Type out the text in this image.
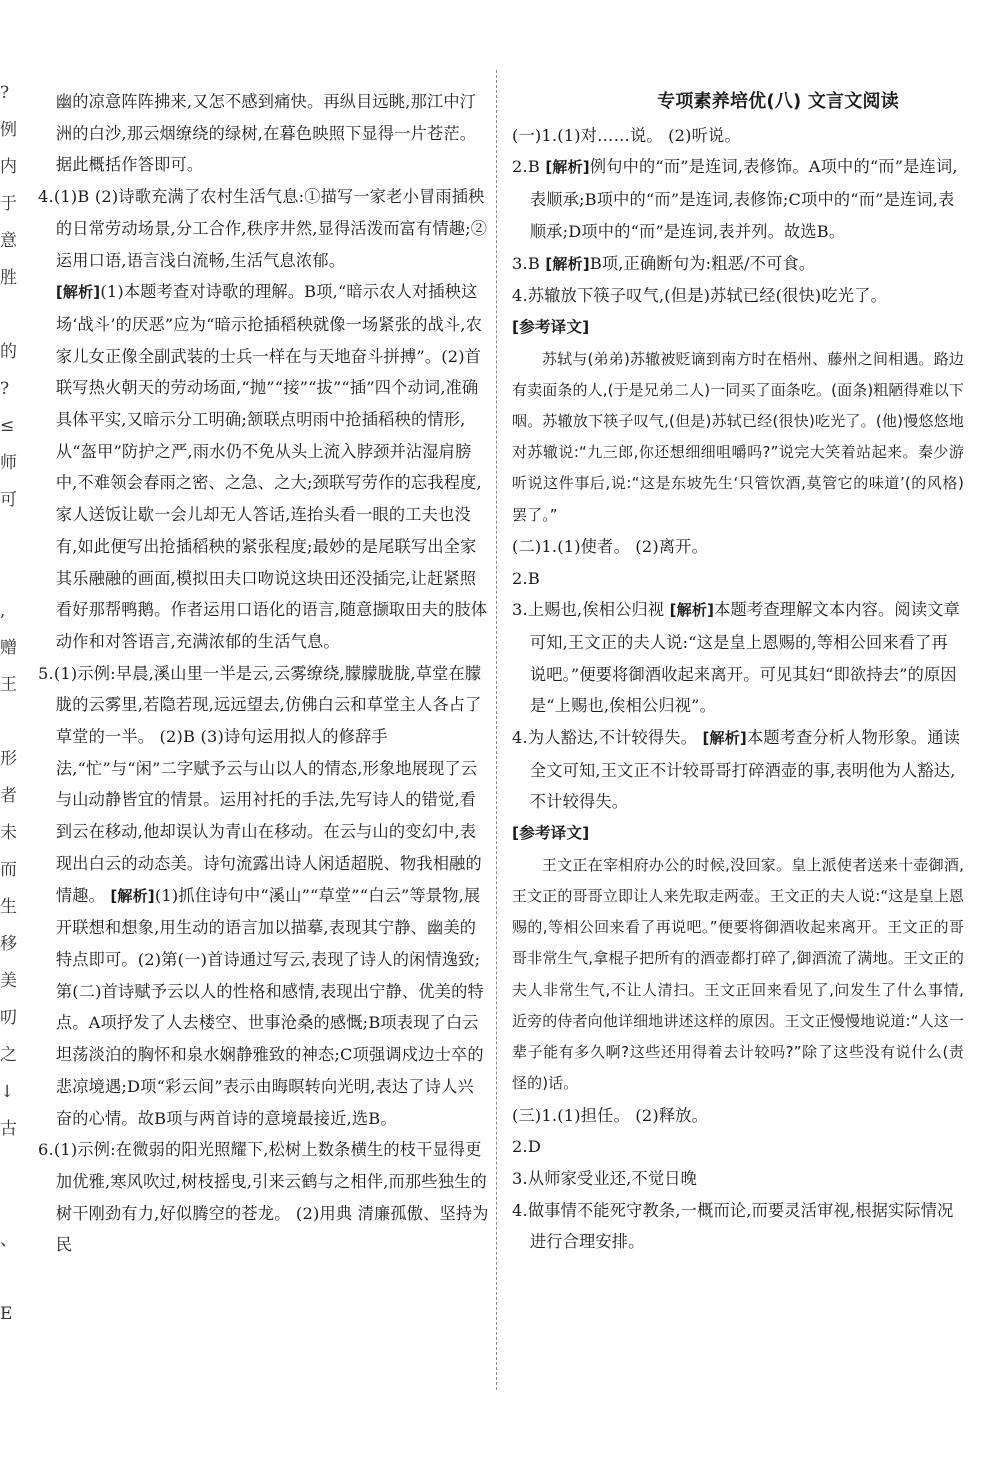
?
例
内
于
意
胜
的
?
≤
师
可
,
赠
王
形
者
未
而
生
移
美
叨
之
↓
古
、
E

幽的凉意阵阵拂来,又怎不感到痛快。再纵目远眺,那江中汀洲的白沙,那云烟缭绕的绿树,在暮色映照下显得一片苍茫。据此概括作答即可。

4.(1)B (2)诗歌充满了农村生活气息:①描写一家老小冒雨插秧的日常劳动场景,分工合作,秩序井然,显得活泼而富有情趣;②运用口语,语言浅白流畅,生活气息浓郁。

[解析](1)本题考查对诗歌的理解。B项,“暗示农人对插秧这场‘战斗’的厌恶”应为“暗示抢插稻秧就像一场紧张的战斗,农家儿女正像全副武装的士兵一样在与天地奋斗拼搏”。(2)首联写热火朝天的劳动场面,“抛”“接”“拔”“插”四个动词,准确具体平实,又暗示分工明确;颔联点明雨中抢插稻秧的情形,从“盔甲”防护之严,雨水仍不免从头上流入脖颈并沾湿肩膀中,不难领会春雨之密、之急、之大;颈联写劳作的忘我程度,家人送饭让歇一会儿却无人答话,连抬头看一眼的工夫也没有,如此便写出抢插稻秧的紧张程度;最妙的是尾联写出全家其乐融融的画面,模拟田夫口吻说这块田还没插完,让赶紧照看好那帮鸭鹅。作者运用口语化的语言,随意撷取田夫的肢体动作和对答语言,充满浓郁的生活气息。

5.(1)示例:早晨,溪山里一半是云,云雾缭绕,朦朦胧胧,草堂在朦胧的云雾里,若隐若现,远远望去,仿佛白云和草堂主人各占了草堂的一半。 (2)B (3)诗句运用拟人的修辞手法,“忙”与“闲”二字赋予云与山以人的情态,形象地展现了云与山动静皆宜的情景。运用衬托的手法,先写诗人的错觉,看到云在移动,他却误认为青山在移动。在云与山的变幻中,表现出白云的动态美。诗句流露出诗人闲适超脱、物我相融的情趣。 [解析](1)抓住诗句中“溪山”“草堂”“白云”等景物,展开联想和想象,用生动的语言加以描摹,表现其宁静、幽美的特点即可。(2)第(一)首诗通过写云,表现了诗人的闲情逸致;第(二)首诗赋予云以人的性格和感情,表现出宁静、优美的特点。A项抒发了人去楼空、世事沧桑的感慨;B项表现了白云坦荡淡泊的胸怀和泉水娴静雅致的神态;C项强调戍边士卒的悲凉境遇;D项“彩云间”表示由晦暝转向光明,表达了诗人兴奋的心情。故B项与两首诗的意境最接近,选B。

6.(1)示例:在微弱的阳光照耀下,松树上数条横生的枝干显得更加优雅,寒风吹过,树枝摇曳,引来云鹤与之相伴,而那些独生的树干刚劲有力,好似腾空的苍龙。 (2)用典 清廉孤傲、坚持为民

专项素养培优(八) 文言文阅读

(一)1.(1)对……说。 (2)听说。

2.B [解析]例句中的“而”是连词,表修饰。A项中的“而”是连词,表顺承;B项中的“而”是连词,表修饰;C项中的“而”是连词,表顺承;D项中的“而”是连词,表并列。故选B。

3.B [解析]B项,正确断句为:粗恶/不可食。

4.苏辙放下筷子叹气,(但是)苏轼已经(很快)吃光了。

[参考译文]

苏轼与(弟弟)苏辙被贬谪到南方时在梧州、藤州之间相遇。路边有卖面条的人,(于是兄弟二人)一同买了面条吃。(面条)粗陋得难以下咽。苏辙放下筷子叹气,(但是)苏轼已经(很快)吃光了。(他)慢悠悠地对苏辙说:“九三郎,你还想细细咀嚼吗?”说完大笑着站起来。秦少游听说这件事后,说:“这是东坡先生‘只管饮酒,莫管它的味道’(的风格)罢了。”

(二)1.(1)使者。 (2)离开。

2.B

3.上赐也,俟相公归视 [解析]本题考查理解文本内容。阅读文章可知,王文正的夫人说:“这是皇上恩赐的,等相公回来看了再说吧。”便要将御酒收起来离开。可见其妇“即欲持去”的原因是“上赐也,俟相公归视”。

4.为人豁达,不计较得失。 [解析]本题考查分析人物形象。通读全文可知,王文正不计较哥哥打碎酒壶的事,表明他为人豁达,不计较得失。

[参考译文]

王文正在宰相府办公的时候,没回家。皇上派使者送来十壶御酒,王文正的哥哥立即让人来先取走两壶。王文正的夫人说:“这是皇上恩赐的,等相公回来看了再说吧。”便要将御酒收起来离开。王文正的哥哥非常生气,拿棍子把所有的酒壶都打碎了,御酒流了满地。王文正的夫人非常生气,不让人清扫。王文正回来看见了,问发生了什么事情,近旁的侍者向他详细地讲述这样的原因。王文正慢慢地说道:“人这一辈子能有多久啊?这些还用得着去计较吗?”除了这些没有说什么(责怪的)话。

(三)1.(1)担任。 (2)释放。

2.D

3.从师家受业还,不觉日晚

4.做事情不能死守教条,一概而论,而要灵活审视,根据实际情况进行合理安排。
